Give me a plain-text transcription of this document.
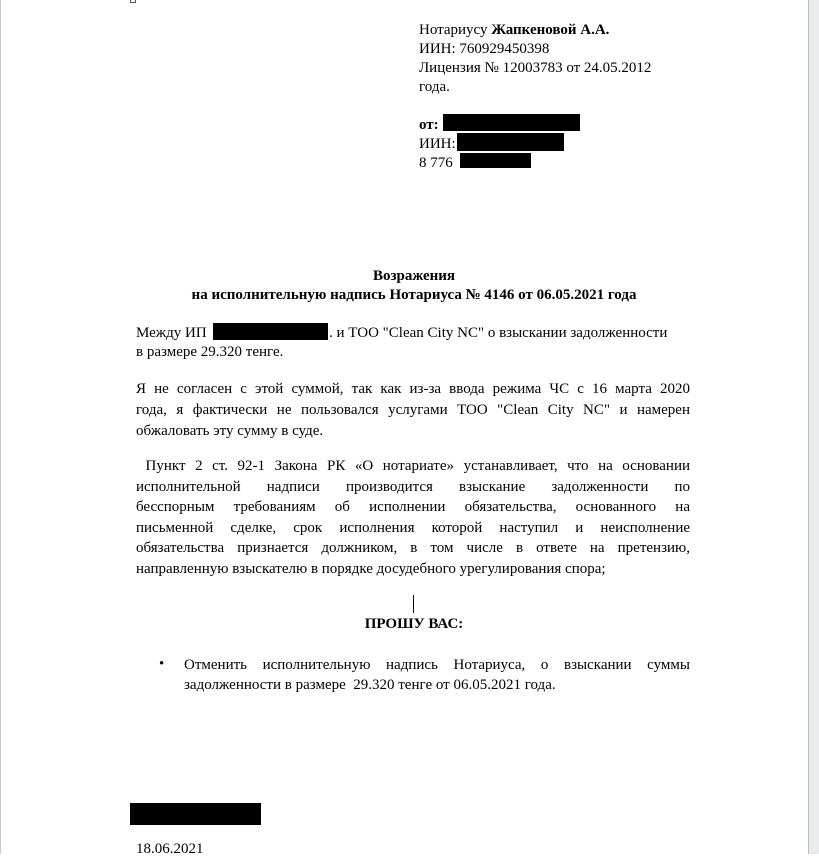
Нотариусу Жапкеновой А.А.
ИИН: 760929450398
Лицензия № 12003783 от 24.05.2012
года.
от:
ИИН:
8 776
Возражения
на исполнительную надпись Нотариуса № 4146 от 06.05.2021 года
Между ИП	. и ТОО "Clean City NC" о взыскании задолженности
в размере 29.320 тенге.
Я не согласен с этой суммой, так как из-за ввода режима ЧС с 16 марта 2020
года, я фактически не пользовался услугами ТОО "Clean City NC" и намерен
обжаловать эту сумму в суде.
Пункт 2 ст. 92-1 Закона РК «О нотариате» устанавливает, что на основании
исполнительной надписи производится взыскание задолженности по
бесспорным требованиям об исполнении обязательства, основанного на
письменной сделке, срок исполнения которой наступил и неисполнение
обязательства признается должником, в том числе в ответе на претензию,
направленную взыскателю в порядке досудебного урегулирования спора;
ПРОШУ ВАС:
• Отменить исполнительную надпись Нотариуса, о взыскании суммы
задолженности в размере  29.320 тенге от 06.05.2021 года.
18.06.2021
